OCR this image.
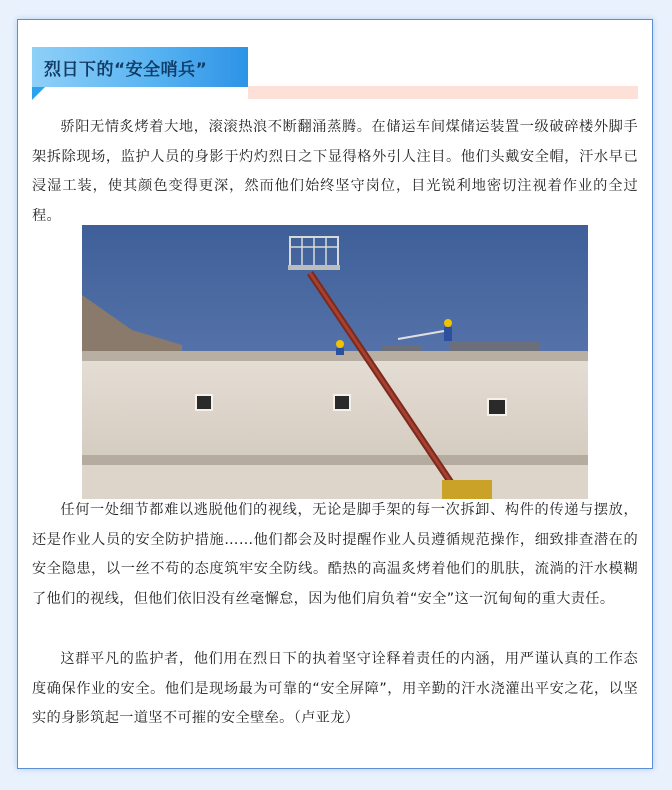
烈日下的“安全哨兵”

骄阳无情炙烤着大地，滚滚热浪不断翻涌蒸腾。在储运车间煤储运装置一级破碎楼外脚手架拆除现场，监护人员的身影于灼灼烈日之下显得格外引人注目。他们头戴安全帽，汗水早已浸湿工装，使其颜色变得更深，然而他们始终坚守岗位，目光锐利地密切注视着作业的全过程。

任何一处细节都难以逃脱他们的视线，无论是脚手架的每一次拆卸、构件的传递与摆放，还是作业人员的安全防护措施……他们都会及时提醒作业人员遵循规范操作，细致排查潜在的安全隐患，以一丝不苟的态度筑牢安全防线。酷热的高温炙烤着他们的肌肤，流淌的汗水模糊了他们的视线，但他们依旧没有丝毫懈怠，因为他们肩负着“安全”这一沉甸甸的重大责任。

这群平凡的监护者，他们用在烈日下的执着坚守诠释着责任的内涵，用严谨认真的工作态度确保作业的安全。他们是现场最为可靠的“安全屏障”，用辛勤的汗水浇灌出平安之花，以坚实的身影筑起一道坚不可摧的安全壁垒。（卢亚龙）
